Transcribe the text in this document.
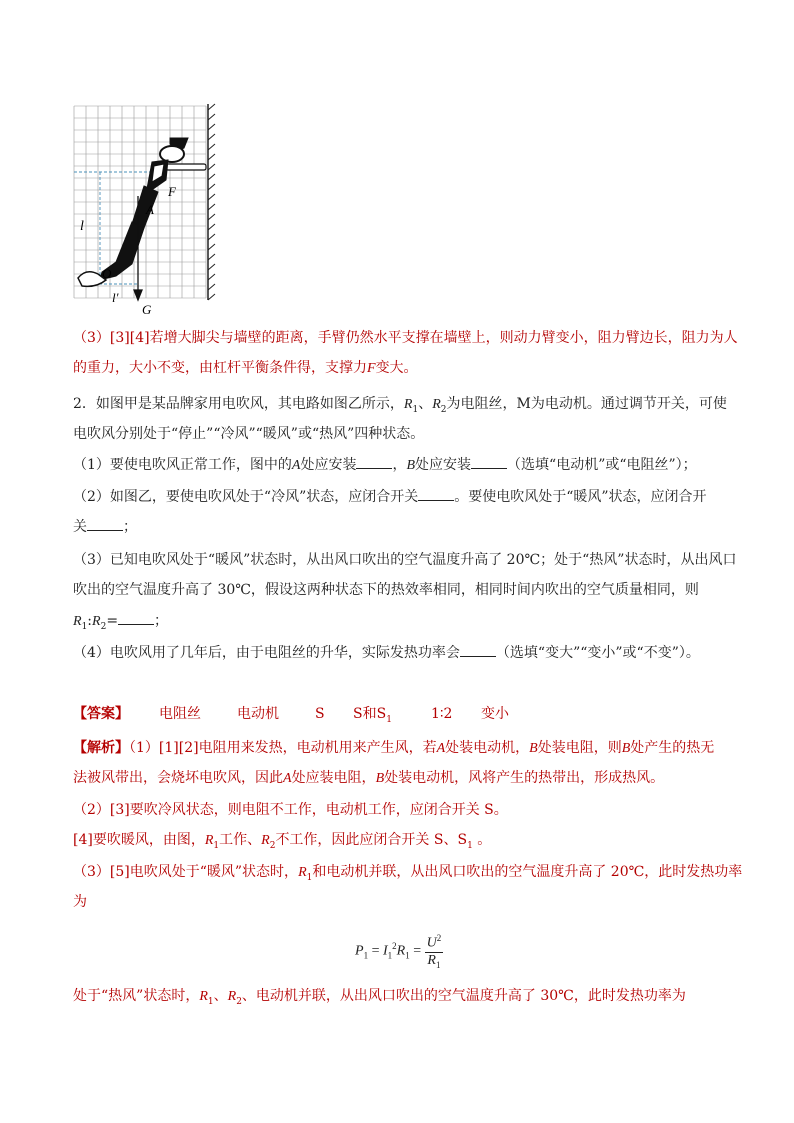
F
A
l
O
l′
G
（3）[3][4]若增大脚尖与墙壁的距离，手臂仍然水平支撑在墙壁上，则动力臂变小，阻力臂边长，阻力为人
的重力，大小不变，由杠杆平衡条件得，支撑力F变大。
2．如图甲是某品牌家用电吹风，其电路如图乙所示，$R_1$、$R_2$为电阻丝，M为电动机。通过调节开关，可使
电吹风分别处于“停止”“冷风”“暖风”或“热风”四种状态。
（1）要使电吹风正常工作，图中的A处应安装	，B处应安装	（选填“电动机”或“电阻丝”）；
（2）如图乙，要使电吹风处于“冷风”状态，应闭合开关	。要使电吹风处于“暖风”状态，应闭合开
关	；
（3）已知电吹风处于“暖风”状态时，从出风口吹出的空气温度升高了 20℃；处于“热风”状态时，从出风口
吹出的空气温度升高了 30℃，假设这两种状态下的热效率相同，相同时间内吹出的空气质量相同，则
$R_1:R_2=$	；
（4）电吹风用了几年后，由于电阻丝的升华，实际发热功率会	（选填“变大”“变小”或“不变”）。
【答案】 电阻丝	电动机	S S和$S_1$	1∶2 变小
【解析】（1）[1][2]电阻用来发热，电动机用来产生风，若A处装电动机，B处装电阻，则B处产生的热无
法被风带出，会烧坏电吹风，因此A处应装电阻，B处装电动机，风将产生的热带出，形成热风。
（2）[3]要吹冷风状态，则电阻不工作，电动机工作，应闭合开关 S。
[4]要吹暖风，由图，$R_1$工作、$R_2$不工作，因此应闭合开关 S、$S_1$ 。
（3）[5]电吹风处于“暖风”状态时，$R_1$和电动机并联，从出风口吹出的空气温度升高了 20℃，此时发热功率
为
$P_1 = I_1^2R_1 = \frac{U^2}{R_1}$
处于“热风”状态时，$R_1$、$R_2$、电动机并联，从出风口吹出的空气温度升高了 30℃，此时发热功率为
